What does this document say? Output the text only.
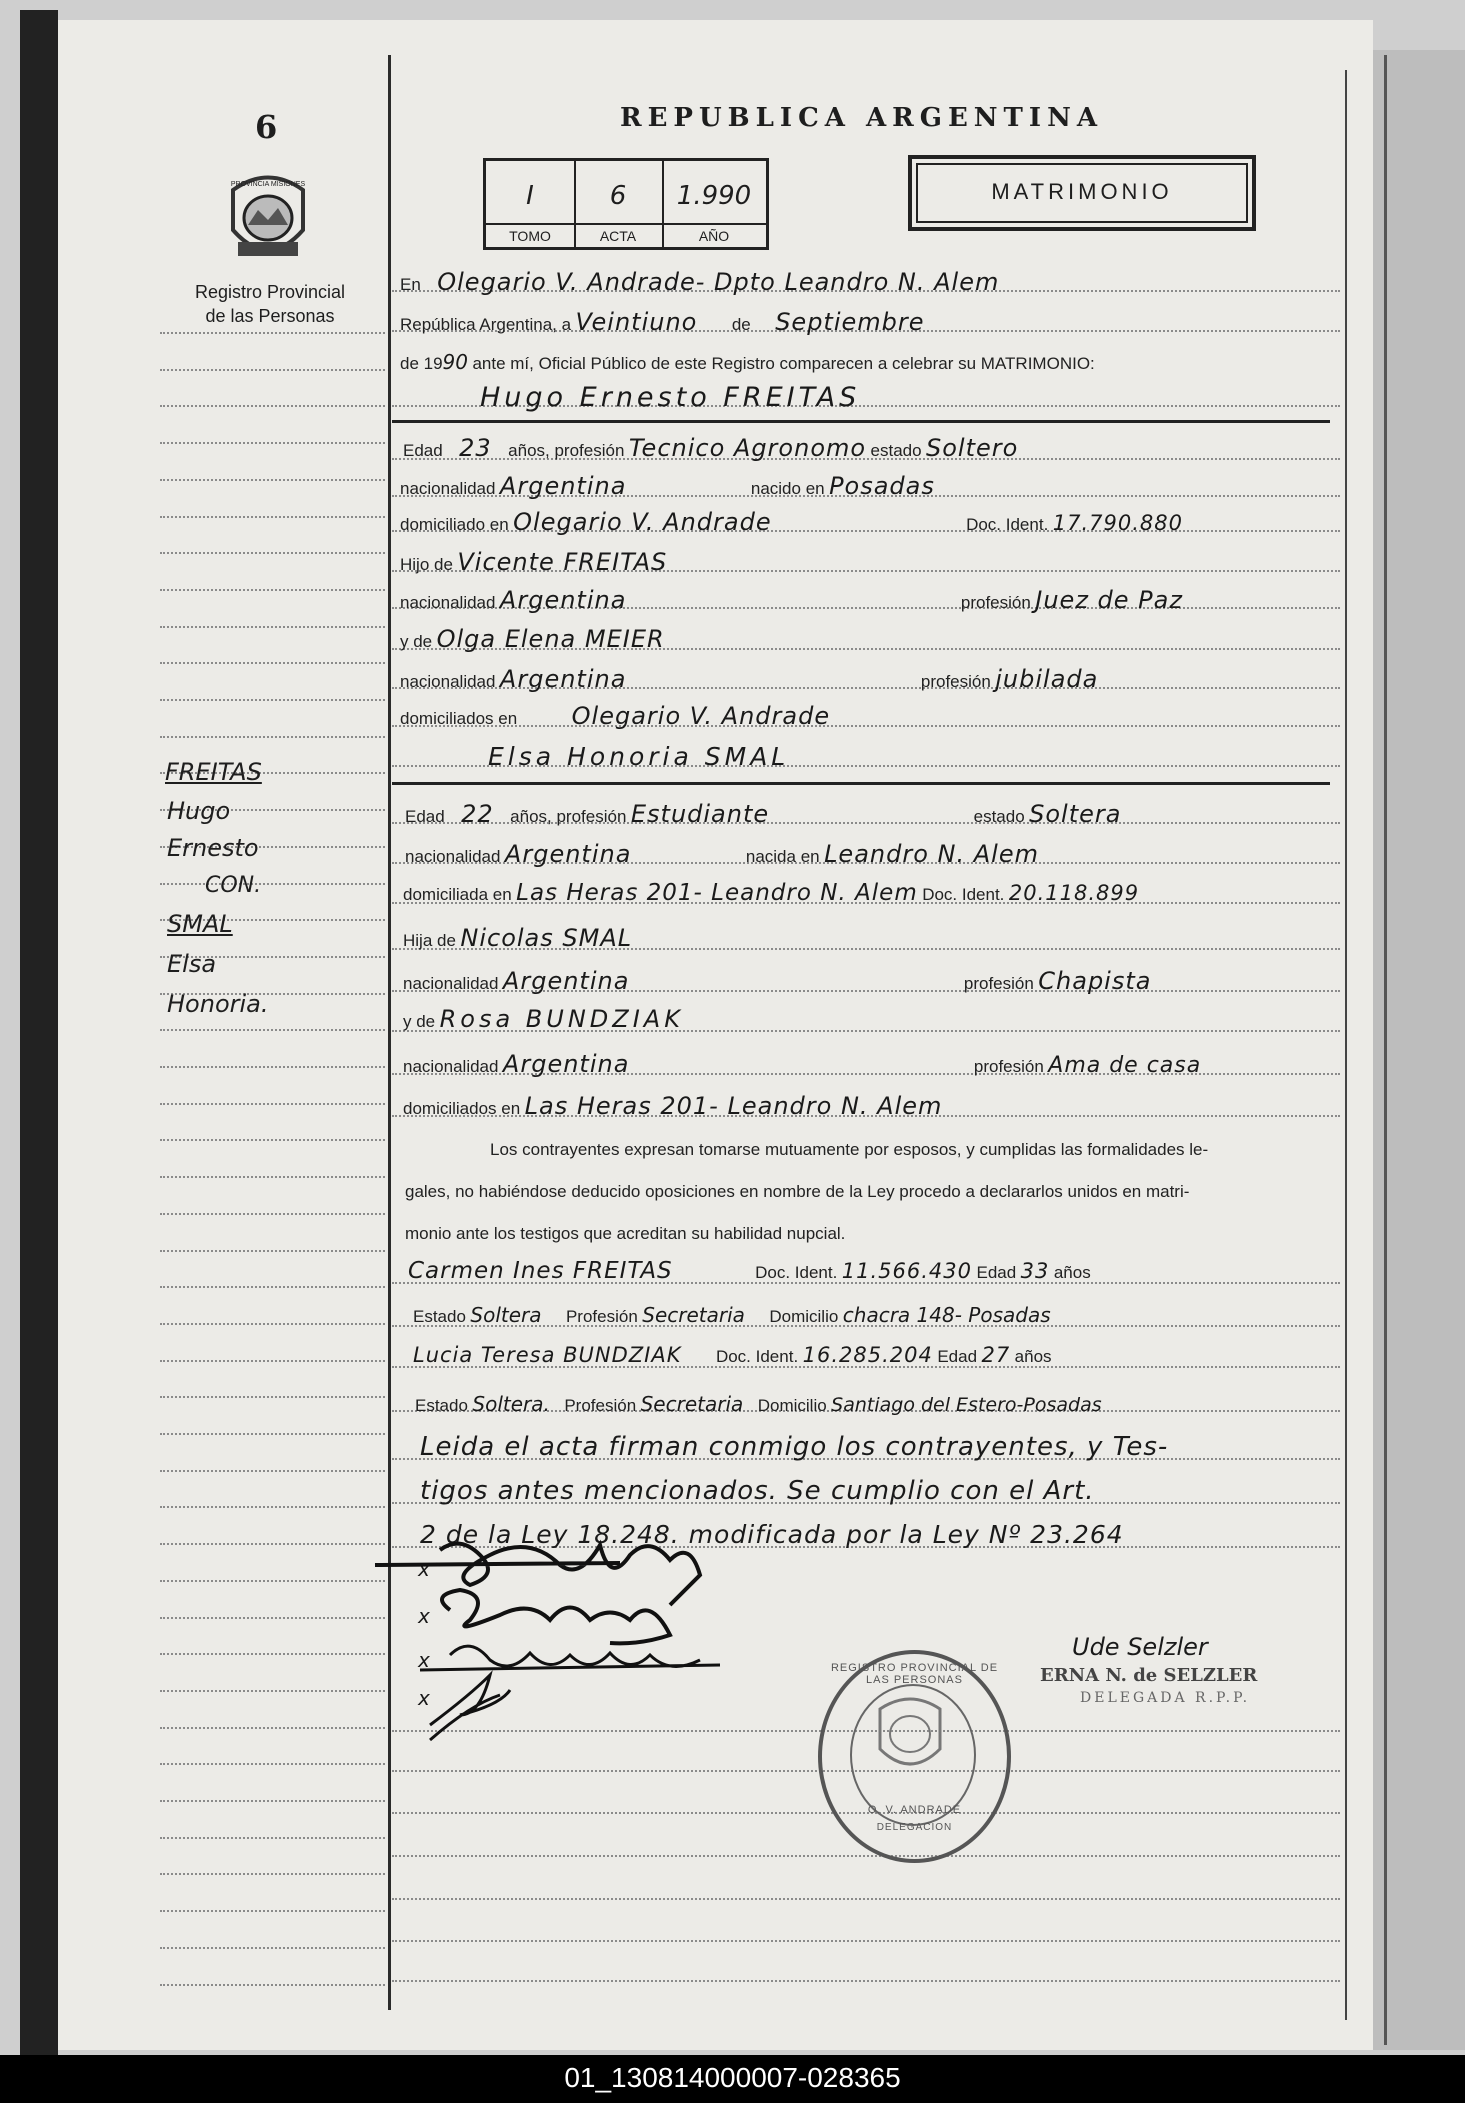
6
PROVINCIA MISIONES
Registro Provincial
de las Personas
REPUBLICA ARGENTINA
I
TOMO
6
ACTA
1.990
AÑO
MATRIMONIO
FREITAS
Hugo
Ernesto
CON.
SMAL
Elsa
Honoria.
En Olegario V. Andrade- Dpto Leandro N. Alem
República Argentina, a Veintiuno de Septiembre
de 1990 ante mí, Oficial Público de este Registro comparecen a celebrar su MATRIMONIO:
Hugo Ernesto FREITAS
Edad 23 años, profesión Tecnico Agronomo estado Soltero
nacionalidad Argentina	nacido en Posadas
domiciliado en Olegario V. Andrade	Doc. Ident. 17.790.880
Hijo de Vicente FREITAS
nacionalidad Argentina	profesión Juez de Paz
y de Olga Elena MEIER
nacionalidad Argentina	profesión jubilada
domiciliados en Olegario V. Andrade
Elsa Honoria SMAL
Edad 22 años, profesión Estudiante	estado Soltera
nacionalidad Argentina	nacida en Leandro N. Alem
domiciliada en Las Heras 201- Leandro N. Alem Doc. Ident. 20.118.899
Hija de Nicolas SMAL
nacionalidad Argentina	profesión Chapista
y de Rosa BUNDZIAK
nacionalidad Argentina	profesión Ama de casa
domiciliados en Las Heras 201- Leandro N. Alem
Los contrayentes expresan tomarse mutuamente por esposos, y cumplidas las formalidades le-
gales, no habiéndose deducido oposiciones en nombre de la Ley procedo a declararlos unidos en matri-
monio ante los testigos que acreditan su habilidad nupcial.
Carmen Ines FREITAS	Doc. Ident. 11.566.430 Edad 33 años
Estado Soltera Profesión Secretaria Domicilio chacra 148- Posadas
Lucia Teresa BUNDZIAK Doc. Ident. 16.285.204 Edad 27 años
Estado Soltera. Profesión Secretaria Domicilio Santiago del Estero-Posadas
Leida el acta firman conmigo los contrayentes, y Tes-
tigos antes mencionados. Se cumplio con el Art.
2 de la Ley 18.248. modificada por la Ley Nº 23.264
x
x
x
x
Ude Selzler
ERNA N. de SELZLER
DELEGADA R.P.P.
REGISTRO PROVINCIAL DE LAS PERSONAS
O. V. ANDRADE
DELEGACION
01_130814000007-028365
